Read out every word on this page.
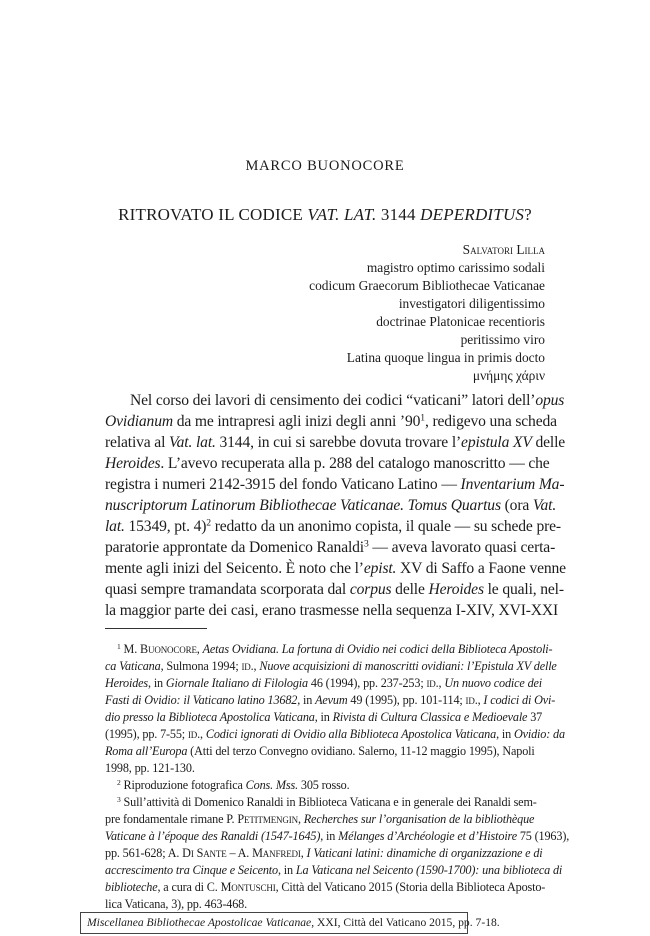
MARCO BUONOCORE
RITROVATO IL CODICE VAT. LAT. 3144 DEPERDITUS?
Salvatori Lilla
magistro optimo carissimo sodali
codicum Graecorum Bibliothecae Vaticanae
investigatori diligentissimo
doctrinae Platonicae recentioris
peritissimo viro
Latina quoque lingua in primis docto
μνήμης χάριν
Nel corso dei lavori di censimento dei codici “vaticani” latori dell’opus
Ovidianum da me intrapresi agli inizi degli anni $’90^1$, redigevo una scheda
relativa al Vat. lat. 3144, in cui si sarebbe dovuta trovare l’epistula XV delle
Heroides. L’avevo recuperata alla p. 288 del catalogo manoscritto — che
registra i numeri 2142-3915 del fondo Vaticano Latino — Inventarium Ma-
nuscriptorum Latinorum Bibliothecae Vaticanae. Tomus Quartus (ora Vat.
lat. 15349, pt. 4)$^2$ redatto da un anonimo copista, il quale — su schede pre-
paratorie approntate da Domenico Ranaldi$^3$ — aveva lavorato quasi certa-
mente agli inizi del Seicento. È noto che l’epist. XV di Saffo a Faone venne
quasi sempre tramandata scorporata dal corpus delle Heroides le quali, nel-
la maggior parte dei casi, erano trasmesse nella sequenza I-XIV, XVI-XXI
$^1$ M. Buonocore, Aetas Ovidiana. La fortuna di Ovidio nei codici della Biblioteca Apostoli-
ca Vaticana, Sulmona 1994; id., Nuove acquisizioni di manoscritti ovidiani: l’Epistula XV delle
Heroides, in Giornale Italiano di Filologia 46 (1994), pp. 237-253; id., Un nuovo codice dei
Fasti di Ovidio: il Vaticano latino 13682, in Aevum 49 (1995), pp. 101-114; id., I codici di Ovi-
dio presso la Biblioteca Apostolica Vaticana, in Rivista di Cultura Classica e Medioevale 37
(1995), pp. 7-55; id., Codici ignorati di Ovidio alla Biblioteca Apostolica Vaticana, in Ovidio: da
Roma all’Europa (Atti del terzo Convegno ovidiano. Salerno, 11-12 maggio 1995), Napoli
1998, pp. 121-130.
$^2$ Riproduzione fotografica Cons. Mss. 305 rosso.
$^3$ Sull’attività di Domenico Ranaldi in Biblioteca Vaticana e in generale dei Ranaldi sem-
pre fondamentale rimane P. Petitmengin, Recherches sur l’organisation de la bibliothèque
Vaticane à l’époque des Ranaldi (1547-1645), in Mélanges d’Archéologie et d’Histoire 75 (1963),
pp. 561-628; A. Di Sante – A. Manfredi, I Vaticani latini: dinamiche di organizzazione e di
accrescimento tra Cinque e Seicento, in La Vaticana nel Seicento (1590-1700): una biblioteca di
biblioteche, a cura di C. Montuschi, Città del Vaticano 2015 (Storia della Biblioteca Aposto-
lica Vaticana, 3), pp. 463-468.
Miscellanea Bibliothecae Apostolicae Vaticanae, XXI, Città del Vaticano 2015, pp. 7-18.
